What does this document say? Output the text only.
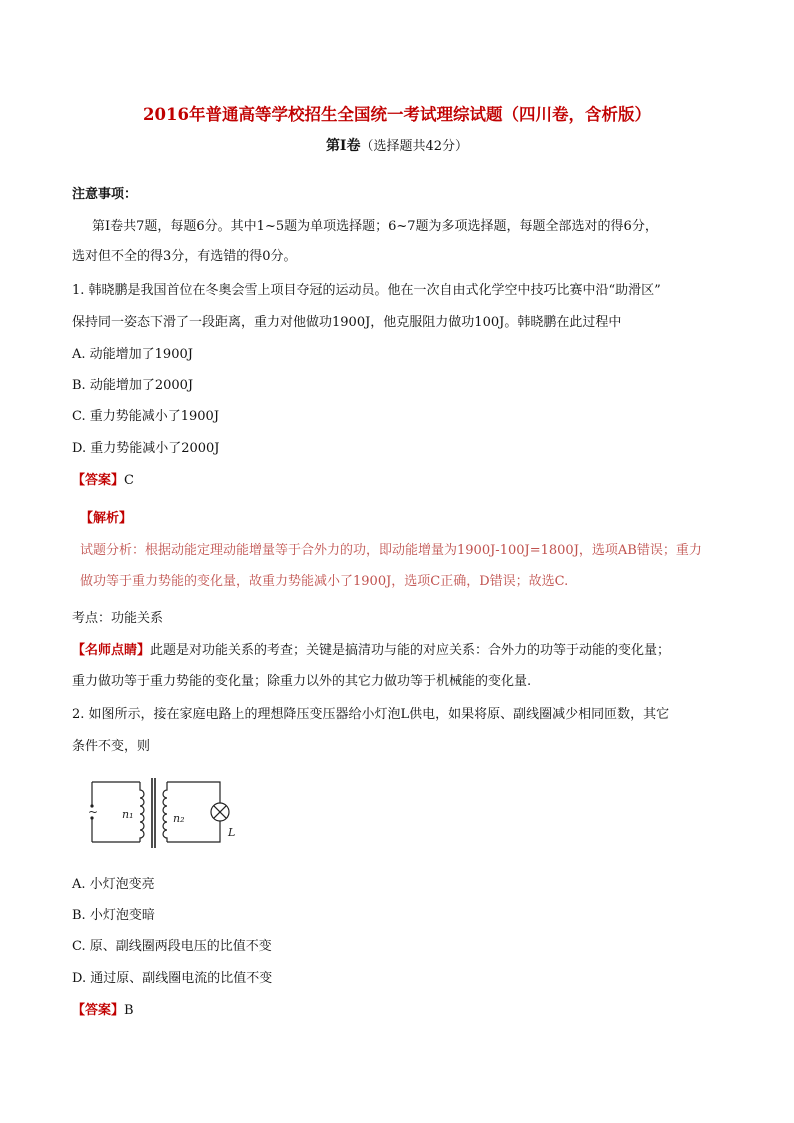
2016年普通高等学校招生全国统一考试理综试题（四川卷，含析版）
第Ⅰ卷（选择题共42分）
注意事项：
第Ⅰ卷共7题，每题6分。其中1~5题为单项选择题；6~7题为多项选择题，每题全部选对的得6分，
选对但不全的得3分，有选错的得0分。
1. 韩晓鹏是我国首位在冬奥会雪上项目夺冠的运动员。他在一次自由式化学空中技巧比赛中沿“助滑区”
保持同一姿态下滑了一段距离，重力对他做功1900J，他克服阻力做功100J。韩晓鹏在此过程中
A. 动能增加了1900J
B. 动能增加了2000J
C. 重力势能减小了1900J
D. 重力势能减小了2000J
【答案】C
【解析】
试题分析：根据动能定理动能增量等于合外力的功，即动能增量为1900J-100J=1800J，选项AB错误；重力
做功等于重力势能的变化量，故重力势能减小了1900J，选项C正确，D错误；故选C.
考点：功能关系
【名师点睛】此题是对功能关系的考查；关键是搞清功与能的对应关系：合外力的功等于动能的变化量；
重力做功等于重力势能的变化量；除重力以外的其它力做功等于机械能的变化量.
2. 如图所示，接在家庭电路上的理想降压变压器给小灯泡L供电，如果将原、副线圈减少相同匝数，其它
条件不变，则
~ n₁	n₂
L
A. 小灯泡变亮
B. 小灯泡变暗
C. 原、副线圈两段电压的比值不变
D. 通过原、副线圈电流的比值不变
【答案】B
